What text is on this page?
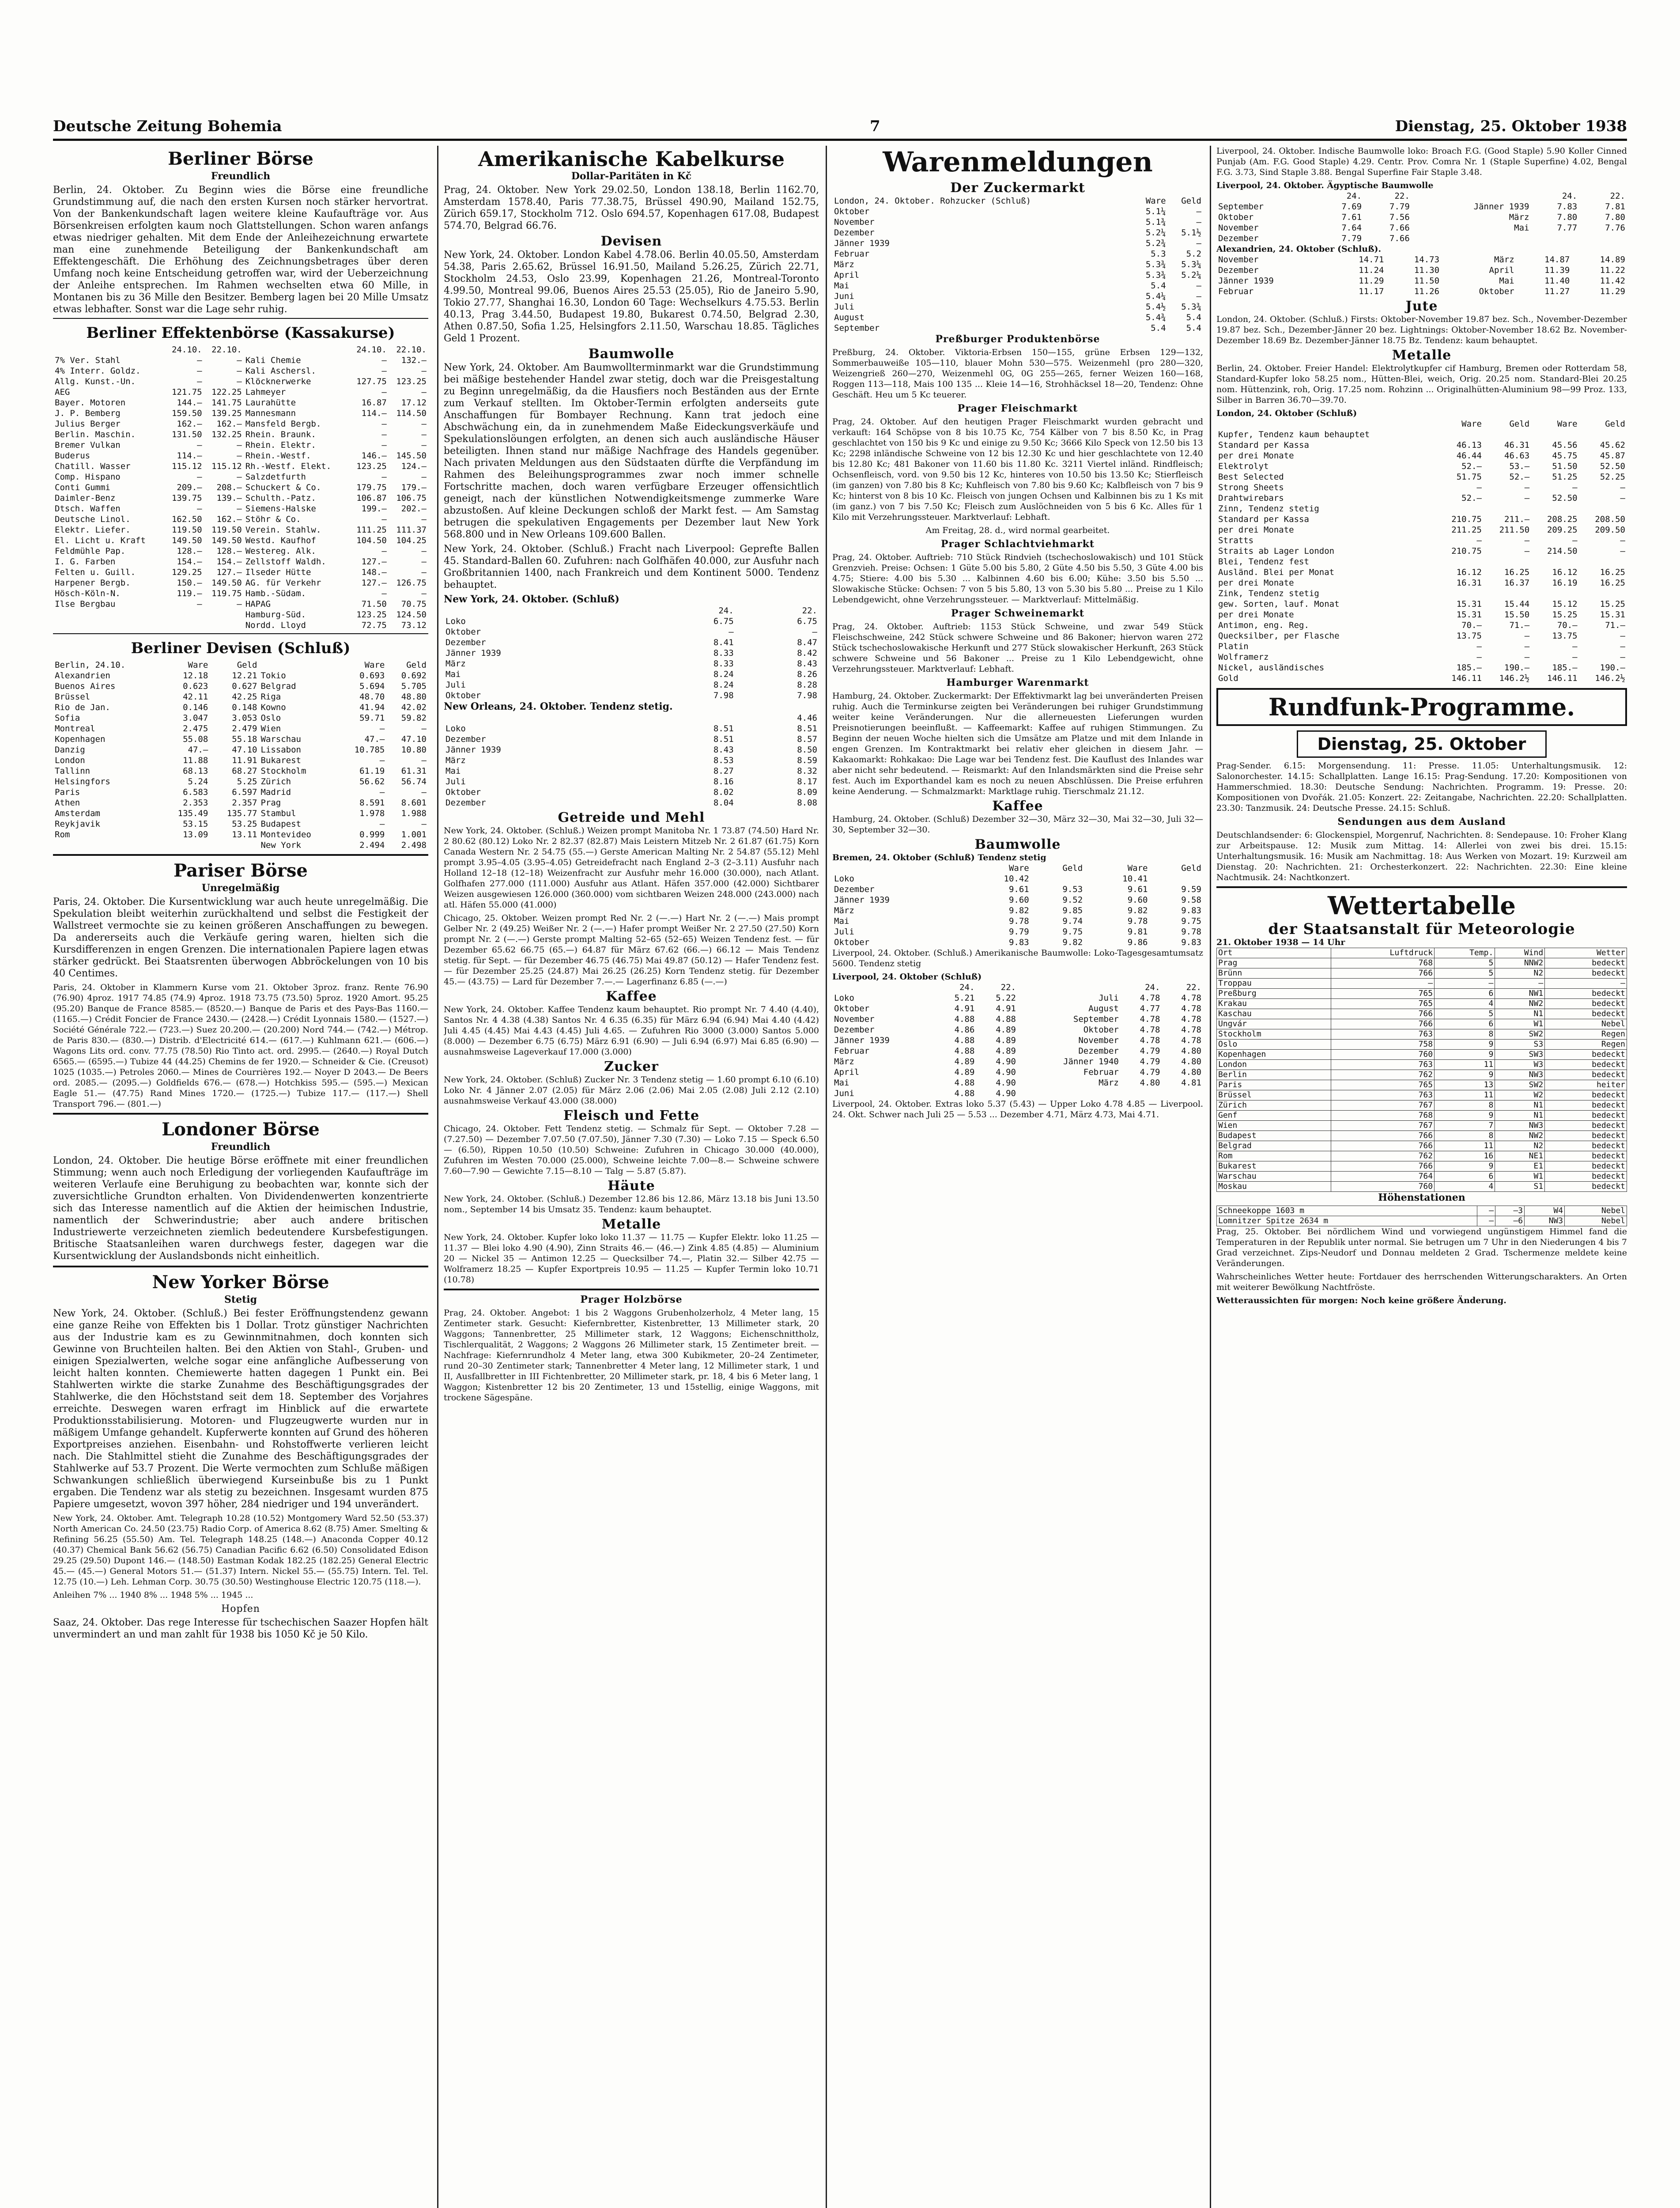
Deutsche Zeitung Bohemia	7	Dienstag, 25. Oktober 1938
Berliner Börse
Freundlich

Berlin, 24. Oktober. Zu Beginn wies die Börse eine freundliche Grundstimmung auf, die nach den ersten Kursen noch stärker hervortrat. Von der Bankenkundschaft lagen weitere kleine Kaufaufträge vor. Aus Börsenkreisen erfolgten kaum noch Glattstellungen. Schon waren anfangs etwas niedriger gehalten. Mit dem Ende der Anleihezeichnung erwartete man eine zunehmende Beteiligung der Bankenkundschaft am Effektengeschäft. Die Erhöhung des Zeichnungsbetrages über deren Umfang noch keine Entscheidung getroffen war, wird der Ueberzeichnung der Anleihe entsprechen. Im Rahmen wechselten etwa 60 Mille, in Montanen bis zu 36 Mille den Besitzer. Bemberg lagen bei 20 Mille Umsatz etwas lebhafter. Sonst war die Lage sehr ruhig.

Berliner Effektenbörse (Kassakurse)
	24.10.	22.10.		24.10.	22.10.
7% Ver. Stahl	—	—	Kali Chemie	—	132.—
4% Interr. Goldz.	—	—	Kali Aschersl.	—	—
Allg. Kunst.-Un.	—	—	Klöcknerwerke	127.75	123.25
AEG	121.75	122.25	Lahmeyer	—	—
Bayer. Motoren	144.—	141.75	Laurahütte	16.87	17.12
J. P. Bemberg	159.50	139.25	Mannesmann	114.—	114.50
Julius Berger	162.—	162.—	Mansfeld Bergb.	—	—
Berlin. Maschin.	131.50	132.25	Rhein. Braunk.	—	—
Bremer Vulkan	—	—	Rhein. Elektr.	—	—
Buderus	114.—	—	Rhein.-Westf.	146.—	145.50
Chatill. Wasser	115.12	115.12	Rh.-Westf. Elekt.	123.25	124.—
Comp. Hispano	—	—	Salzdetfurth	—	—
Conti Gummi	209.—	208.—	Schuckert & Co.	179.75	179.—
Daimler-Benz	139.75	139.—	Schulth.-Patz.	106.87	106.75
Dtsch. Waffen	—	—	Siemens-Halske	199.—	202.—
Deutsche Linol.	162.50	162.—	Stöhr & Co.	—	—
Elektr. Liefer.	119.50	119.50	Verein. Stahlw.	111.25	111.37
El. Licht u. Kraft	149.50	149.50	Westd. Kaufhof	104.50	104.25
Feldmühle Pap.	128.—	128.—	Westereg. Alk.	—	—
I. G. Farben	154.—	154.—	Zellstoff Waldh.	127.—	—
Felten u. Guill.	129.25	127.—	Ilseder Hütte	148.—	—
Harpener Bergb.	150.—	149.50	AG. für Verkehr	127.—	126.75
Hösch-Köln-N.	119.—	119.75	Hamb.-Südam.	—	—
Ilse Bergbau	—	—	HAPAG	71.50	70.75
			Hamburg-Süd.	123.25	124.50
			Nordd. Lloyd	72.75	73.12
Berliner Devisen (Schluß)
Berlin, 24.10.	Ware	Geld		Ware	Geld
Alexandrien	12.18	12.21	Tokio	0.693	0.692
Buenos Aires	0.623	0.627	Belgrad	5.694	5.705
Brüssel	42.11	42.25	Riga	48.70	48.80
Rio de Jan.	0.146	0.148	Kowno	41.94	42.02
Sofia	3.047	3.053	Oslo	59.71	59.82
Montreal	2.475	2.479	Wien	—	—
Kopenhagen	55.08	55.18	Warschau	47.—	47.10
Danzig	47.—	47.10	Lissabon	10.785	10.80
London	11.88	11.91	Bukarest	—	—
Tallinn	68.13	68.27	Stockholm	61.19	61.31
Helsingfors	5.24	5.25	Zürich	56.62	56.74
Paris	6.583	6.597	Madrid	—	—
Athen	2.353	2.357	Prag	8.591	8.601
Amsterdam	135.49	135.77	Stambul	1.978	1.988
Reykjavik	53.15	53.25	Budapest	—	—
Rom	13.09	13.11	Montevideo	0.999	1.001
			New York	2.494	2.498
Pariser Börse
Unregelmäßig

Paris, 24. Oktober. Die Kursentwicklung war auch heute unregelmäßig. Die Spekulation bleibt weiterhin zurückhaltend und selbst die Festigkeit der Wallstreet vermochte sie zu keinen größeren Anschaffungen zu bewegen. Da andererseits auch die Verkäufe gering waren, hielten sich die Kursdifferenzen in engen Grenzen. Die internationalen Papiere lagen etwas stärker gedrückt. Bei Staatsrenten überwogen Abbröckelungen von 10 bis 40 Centimes.

Paris, 24. Oktober in Klammern Kurse vom 21. Oktober 3proz. franz. Rente 76.90 (76.90) 4proz. 1917 74.85 (74.9) 4proz. 1918 73.75 (73.50) 5proz. 1920 Amort. 95.25 (95.20) Banque de France 8585.— (8520.—) Banque de Paris et des Pays-Bas 1160.— (1165.—) Crédit Foncier de France 2430.— (2428.—) Crédit Lyonnais 1580.— (1527.—) Société Générale 722.— (723.—) Suez 20.200.— (20.200) Nord 744.— (742.—) Métrop. de Paris 830.— (830.—) Distrib. d'Electricité 614.— (617.—) Kuhlmann 621.— (606.—) Wagons Lits ord. conv. 77.75 (78.50) Rio Tinto act. ord. 2995.— (2640.—) Royal Dutch 6565.— (6595.—) Tubize 44 (44.25) Chemins de fer 1920.— Schneider & Cie. (Creusot) 1025 (1035.—) Petroles 2060.— Mines de Courrières 192.— Noyer D 2043.— De Beers ord. 2085.— (2095.—) Goldfields 676.— (678.—) Hotchkiss 595.— (595.—) Mexican Eagle 51.— (47.75) Rand Mines 1720.— (1725.—) Tubize 117.— (117.—) Shell Transport 796.— (801.—)

Londoner Börse
Freundlich

London, 24. Oktober. Die heutige Börse eröffnete mit einer freundlichen Stimmung; wenn auch noch Erledigung der vorliegenden Kaufaufträge im weiteren Verlaufe eine Beruhigung zu beobachten war, konnte sich der zuversichtliche Grundton erhalten. Von Dividendenwerten konzentrierte sich das Interesse namentlich auf die Aktien der heimischen Industrie, namentlich der Schwerindustrie; aber auch andere britischen Industriewerte verzeichneten ziemlich bedeutendere Kursbefestigungen. Britische Staatsanleihen waren durchwegs fester, dagegen war die Kursentwicklung der Auslandsbonds nicht einheitlich.

New Yorker Börse
Stetig

New York, 24. Oktober. (Schluß.) Bei fester Eröffnungstendenz gewann eine ganze Reihe von Effekten bis 1 Dollar. Trotz günstiger Nachrichten aus der Industrie kam es zu Gewinnmitnahmen, doch konnten sich Gewinne von Bruchteilen halten. Bei den Aktien von Stahl-, Gruben- und einigen Spezialwerten, welche sogar eine anfängliche Aufbesserung von leicht halten konnten. Chemiewerte hatten dagegen 1 Punkt ein. Bei Stahlwerten wirkte die starke Zunahme des Beschäftigungsgrades der Stahlwerke, die den Höchststand seit dem 18. September des Vorjahres erreichte. Deswegen waren erfragt im Hinblick auf die erwartete Produktionsstabilisierung. Motoren- und Flugzeugwerte wurden nur in mäßigem Umfange gehandelt. Kupferwerte konnten auf Grund des höheren Exportpreises anziehen. Eisenbahn- und Rohstoffwerte verlieren leicht nach. Die Stahlmittel stieht die Zunahme des Beschäftigungsgrades der Stahlwerke auf 53.7 Prozent. Die Werte vermochten zum Schluße mäßigen Schwankungen schließlich überwiegend Kurseinbuße bis zu 1 Punkt ergaben. Die Tendenz war als stetig zu bezeichnen. Insgesamt wurden 875 Papiere umgesetzt, wovon 397 höher, 284 niedriger und 194 unverändert.

New York, 24. Oktober. Amt. Telegraph 10.28 (10.52) Montgomery Ward 52.50 (53.37) North American Co. 24.50 (23.75) Radio Corp. of America 8.62 (8.75) Amer. Smelting & Refining 56.25 (55.50) Am. Tel. Telegraph 148.25 (148.—) Anaconda Copper 40.12 (40.37) Chemical Bank 56.62 (56.75) Canadian Pacific 6.62 (6.50) Consolidated Edison 29.25 (29.50) Dupont 146.— (148.50) Eastman Kodak 182.25 (182.25) General Electric 45.— (45.—) General Motors 51.— (51.37) Intern. Nickel 55.— (55.75) Intern. Tel. Tel. 12.75 (10.—) Leh. Lehman Corp. 30.75 (30.50) Westinghouse Electric 120.75 (118.—).

Anleihen 7% ... 1940 8% ... 1948 5% ... 1945 ...

Hopfen

Saaz, 24. Oktober. Das rege Interesse für tschechischen Saazer Hopfen hält unvermindert an und man zahlt für 1938 bis 1050 Kč je 50 Kilo.

Amerikanische Kabelkurse
Dollar-Paritäten in Kč

Prag, 24. Oktober. New York 29.02.50, London 138.18, Berlin 1162.70, Amsterdam 1578.40, Paris 77.38.75, Brüssel 490.90, Mailand 152.75, Zürich 659.17, Stockholm 712. Oslo 694.57, Kopenhagen 617.08, Budapest 574.70, Belgrad 66.76.

Devisen

New York, 24. Oktober. London Kabel 4.78.06. Berlin 40.05.50, Amsterdam 54.38, Paris 2.65.62, Brüssel 16.91.50, Mailand 5.26.25, Zürich 22.71, Stockholm 24.53, Oslo 23.99, Kopenhagen 21.26, Montreal-Toronto 4.99.50, Montreal 99.06, Buenos Aires 25.53 (25.05), Rio de Janeiro 5.90, Tokio 27.77, Shanghai 16.30, London 60 Tage: Wechselkurs 4.75.53. Berlin 40.13, Prag 3.44.50, Budapest 19.80, Bukarest 0.74.50, Belgrad 2.30, Athen 0.87.50, Sofia 1.25, Helsingfors 2.11.50, Warschau 18.85. Tägliches Geld 1 Prozent.

Baumwolle

New York, 24. Oktober. Am Baumwollterminmarkt war die Grundstimmung bei mäßige bestehender Handel zwar stetig, doch war die Preisgestaltung zu Beginn unregelmäßig, da die Hausfiers noch Beständen aus der Ernte zum Verkauf stellten. Im Oktober-Termin erfolgten anderseits gute Anschaffungen für Bombayer Rechnung. Kann trat jedoch eine Abschwächung ein, da in zunehmendem Maße Eideckungsverkäufe und Spekulationslöungen erfolgten, an denen sich auch ausländische Häuser beteiligten. Ihnen stand nur mäßige Nachfrage des Handels gegenüber. Nach privaten Meldungen aus den Südstaaten dürfte die Verpfändung im Rahmen des Beleihungsprogrammes zwar noch immer schnelle Fortschritte machen, doch waren verfügbare Erzeuger offensichtlich geneigt, nach der künstlichen Notwendigkeitsmenge zummerke Ware abzustoßen. Auf kleine Deckungen schloß der Markt fest. — Am Samstag betrugen die spekulativen Engagements per Dezember laut New York 568.800 und in New Orleans 109.600 Ballen.

New York, 24. Oktober. (Schluß.) Fracht nach Liverpool: Geprefte Ballen 45. Standard-Ballen 60. Zufuhren: nach Golfhäfen 40.000, zur Ausfuhr nach Großbritannien 1400, nach Frankreich und dem Kontinent 5000. Tendenz behauptet.

New York, 24. Oktober. (Schluß)
	24.	22.
Loko	6.75	6.75
Oktober	—	—
Dezember	8.41	8.47
Jänner 1939	8.33	8.42
März	8.33	8.43
Mai	8.24	8.26
Juli	8.24	8.28
Oktober	7.98	7.98
New Orleans, 24. Oktober. Tendenz stetig.
		4.46
Loko	8.51	8.51
Dezember	8.51	8.57
Jänner 1939	8.43	8.50
März	8.53	8.59
Mai	8.27	8.32
Juli	8.16	8.17
Oktober	8.02	8.09
Dezember	8.04	8.08
Getreide und Mehl

New York, 24. Oktober. (Schluß.) Weizen prompt Manitoba Nr. 1 73.87 (74.50) Hard Nr. 2 80.62 (80.12) Loko Nr. 2 82.37 (82.87) Mais Leistern Mitzeb Nr. 2 61.87 (61.75) Korn Canada Western Nr. 2 54.75 (55.—) Gerste American Malting Nr. 2 54.87 (55.12) Mehl prompt 3.95–4.05 (3.95–4.05) Getreidefracht nach England 2–3 (2–3.11) Ausfuhr nach Holland 12–18 (12–18) Weizenfracht zur Ausfuhr mehr 16.000 (30.000), nach Atlant. Golfhafen 277.000 (111.000) Ausfuhr aus Atlant. Häfen 357.000 (42.000) Sichtbarer Weizen ausgewiesen 126.000 (360.000) vom sichtbaren Weizen 248.000 (243.000) nach atl. Häfen 55.000 (41.000)

Chicago, 25. Oktober. Weizen prompt Red Nr. 2 (—.—) Hart Nr. 2 (—.—) Mais prompt Gelber Nr. 2 (49.25) Weißer Nr. 2 (—.—) Hafer prompt Weißer Nr. 2 27.50 (27.50) Korn prompt Nr. 2 (—.—) Gerste prompt Malting 52–65 (52–65) Weizen Tendenz fest. — für Dezember 65.62 66.75 (65.—) 64.87 für März 67.62 (66.—) 66.12 — Mais Tendenz stetig. für Sept. — für Dezember 46.75 (46.75) Mai 49.87 (50.12) — Hafer Tendenz fest. — für Dezember 25.25 (24.87) Mai 26.25 (26.25) Korn Tendenz stetig. für Dezember 45.— (43.75) — Lard für Dezember 7.—.— Lagerfinanz 6.85 (—.—)

Kaffee

New York, 24. Oktober. Kaffee Tendenz kaum behauptet. Rio prompt Nr. 7 4.40 (4.40), Santos Nr. 4 4.38 (4.38) Santos Nr. 4 6.35 (6.35) für März 6.94 (6.94) Mai 4.40 (4.42) Juli 4.45 (4.45) Mai 4.43 (4.45) Juli 4.65. — Zufuhren Rio 3000 (3.000) Santos 5.000 (8.000) — Dezember 6.75 (6.75) März 6.91 (6.90) — Juli 6.94 (6.97) Mai 6.85 (6.90) — ausnahmsweise Lageverkauf 17.000 (3.000)

Zucker

New York, 24. Oktober. (Schluß) Zucker Nr. 3 Tendenz stetig — 1.60 prompt 6.10 (6.10) Loko Nr. 4 Jänner 2.07 (2.05) für März 2.06 (2.06) Mai 2.05 (2.08) Juli 2.12 (2.10) ausnahmsweise Verkauf 43.000 (38.000)

Fleisch und Fette

Chicago, 24. Oktober. Fett Tendenz stetig. — Schmalz für Sept. — Oktober 7.28 — (7.27.50) — Dezember 7.07.50 (7.07.50), Jänner 7.30 (7.30) — Loko 7.15 — Speck 6.50 — (6.50), Rippen 10.50 (10.50) Schweine: Zufuhren in Chicago 30.000 (40.000), Zufuhren im Westen 70.000 (25.000), Schweine leichte 7.00—8.— Schweine schwere 7.60—7.90 — Gewichte 7.15—8.10 — Talg — 5.87 (5.87).

Häute

New York, 24. Oktober. (Schluß.) Dezember 12.86 bis 12.86, März 13.18 bis Juni 13.50 nom., September 14 bis Umsatz 35. Tendenz: kaum behauptet.

Metalle

New York, 24. Oktober. Kupfer loko loko 11.37 — 11.75 — Kupfer Elektr. loko 11.25 — 11.37 — Blei loko 4.90 (4.90), Zinn Straits 46.— (46.—) Zink 4.85 (4.85) — Aluminium 20 — Nickel 35 — Antimon 12.25 — Quecksilber 74.—, Platin 32.— Silber 42.75 — Wolframerz 18.25 — Kupfer Exportpreis 10.95 — 11.25 — Kupfer Termin loko 10.71 (10.78)

Prager Holzbörse

Prag, 24. Oktober. Angebot: 1 bis 2 Waggons Grubenholzerholz, 4 Meter lang, 15 Zentimeter stark. Gesucht: Kiefernbretter, Kistenbretter, 13 Millimeter stark, 20 Waggons; Tannenbretter, 25 Millimeter stark, 12 Waggons; Eichenschnittholz, Tischlerqualität, 2 Waggons; 2 Waggons 26 Millimeter stark, 15 Zentimeter breit. — Nachfrage: Kiefernrundholz 4 Meter lang, etwa 300 Kubikmeter, 20–24 Zentimeter, rund 20–30 Zentimeter stark; Tannenbretter 4 Meter lang, 12 Millimeter stark, 1 und II, Ausfallbretter in III Fichtenbretter, 20 Millimeter stark, pr. 18, 4 bis 6 Meter lang, 1 Waggon; Kistenbretter 12 bis 20 Zentimeter, 13 und 15stellig, einige Waggons, mit trockene Sägespäne.

Warenmeldungen
Der Zuckermarkt
London, 24. Oktober. Rohzucker (Schluß)	Ware	Geld
Oktober	5.1¼	—
November	5.1¾	—
Dezember	5.2¼	5.1½
Jänner 1939	5.2¾	—
Februar	5.3	5.2
März	5.3¾	5.3¼
April	5.3¾	5.2¼
Mai	5.4	—
Juni	5.4¼	—
Juli	5.4½	5.3¾
August	5.4¾	5.4
September	5.4	5.4
Preßburger Produktenbörse

Preßburg, 24. Oktober. Viktoria-Erbsen 150—155, grüne Erbsen 129—132, Sommerbauweiße 105—110, blauer Mohn 530—575. Weizenmehl (pro 280—320, Weizengrieß 260—270, Weizenmehl 0G, 0G 255—265, ferner Weizen 160—168, Roggen 113—118, Mais 100 135 ... Kleie 14—16, Strohhäcksel 18—20, Tendenz: Ohne Geschäft. Heu um 5 Kc teuerer.

Prager Fleischmarkt

Prag, 24. Oktober. Auf den heutigen Prager Fleischmarkt wurden gebracht und verkauft: 164 Schöpse von 8 bis 10.75 Kc, 754 Kälber von 7 bis 8.50 Kc, in Prag geschlachtet von 150 bis 9 Kc und einige zu 9.50 Kc; 3666 Kilo Speck von 12.50 bis 13 Kc; 2298 inländische Schweine von 12 bis 12.30 Kc und hier geschlachtete von 12.40 bis 12.80 Kc; 481 Bakoner von 11.60 bis 11.80 Kc. 3211 Viertel inländ. Rindfleisch; Ochsenfleisch, vord. von 9.50 bis 12 Kc, hinteres von 10.50 bis 13.50 Kc; Stierfleisch (im ganzen) von 7.80 bis 8 Kc; Kuhfleisch von 7.80 bis 9.60 Kc; Kalbfleisch von 7 bis 9 Kc; hinterst von 8 bis 10 Kc. Fleisch von jungen Ochsen und Kalbinnen bis zu 1 Ks mit (im ganz.) von 7 bis 7.50 Kc; Fleisch zum Auslöchneiden von 5 bis 6 Kc. Alles für 1 Kilo mit Verzehrungssteuer. Marktverlauf: Lebhaft.

Am Freitag, 28. d., wird normal gearbeitet.

Prager Schlachtviehmarkt

Prag, 24. Oktober. Auftrieb: 710 Stück Rindvieh (tschechoslowakisch) und 101 Stück Grenzvieh. Preise: Ochsen: 1 Güte 5.00 bis 5.80, 2 Güte 4.50 bis 5.50, 3 Güte 4.00 bis 4.75; Stiere: 4.00 bis 5.30 ... Kalbinnen 4.60 bis 6.00; Kühe: 3.50 bis 5.50 ... Slowakische Stücke: Ochsen: 7 von 5 bis 5.80, 13 von 5.30 bis 5.80 ... Preise zu 1 Kilo Lebendgewicht, ohne Verzehrungssteuer. — Marktverlauf: Mittelmäßig.

Prager Schweinemarkt

Prag, 24. Oktober. Auftrieb: 1153 Stück Schweine, und zwar 549 Stück Fleischschweine, 242 Stück schwere Schweine und 86 Bakoner; hiervon waren 272 Stück tschechoslowakische Herkunft und 277 Stück slowakischer Herkunft, 263 Stück schwere Schweine und 56 Bakoner ... Preise zu 1 Kilo Lebendgewicht, ohne Verzehrungssteuer. Marktverlauf: Lebhaft.

Hamburger Warenmarkt

Hamburg, 24. Oktober. Zuckermarkt: Der Effektivmarkt lag bei unveränderten Preisen ruhig. Auch die Terminkurse zeigten bei Veränderungen bei ruhiger Grundstimmung weiter keine Veränderungen. Nur die allerneuesten Lieferungen wurden Preisnotierungen beeinflußt. — Kaffeemarkt: Kaffee auf ruhigen Stimmungen. Zu Beginn der neuen Woche hielten sich die Umsätze am Platze und mit dem Inlande in engen Grenzen. Im Kontraktmarkt bei relativ eher gleichen in diesem Jahr. — Kakaomarkt: Rohkakao: Die Lage war bei Tendenz fest. Die Kauflust des Inlandes war aber nicht sehr bedeutend. — Reismarkt: Auf den Inlandsmärkten sind die Preise sehr fest. Auch im Exporthandel kam es noch zu neuen Abschlüssen. Die Preise erfuhren keine Aenderung. — Schmalzmarkt: Marktlage ruhig. Tierschmalz 21.12.

Kaffee

Hamburg, 24. Oktober. (Schluß) Dezember 32—30, März 32—30, Mai 32—30, Juli 32—30, September 32—30.

Baumwolle
Bremen, 24. Oktober (Schluß) Tendenz stetig
	Ware	Geld	Ware	Geld
Loko	10.42		10.41	
Dezember	9.61	9.53	9.61	9.59
Jänner 1939	9.60	9.52	9.60	9.58
März	9.82	9.85	9.82	9.83
Mai	9.78	9.74	9.78	9.75
Juli	9.79	9.75	9.81	9.78
Oktober	9.83	9.82	9.86	9.83

Liverpool, 24. Oktober. (Schluß.) Amerikanische Baumwolle: Loko-Tagesgesamtumsatz 5600. Tendenz stetig

Liverpool, 24. Oktober (Schluß)
	24.	22.		24.	22.
Loko	5.21	5.22	Juli	4.78	4.78
Oktober	4.91	4.91	August	4.77	4.78
November	4.88	4.88	September	4.78	4.78
Dezember	4.86	4.89	Oktober	4.78	4.78
Jänner 1939	4.88	4.89	November	4.78	4.78
Februar	4.88	4.89	Dezember	4.79	4.80
März	4.89	4.90	Jänner 1940	4.79	4.80
April	4.89	4.90	Februar	4.79	4.80
Mai	4.88	4.90	März	4.80	4.81
Juni	4.88	4.90			

Liverpool, 24. Oktober. Extras loko 5.37 (5.43) — Upper Loko 4.78 4.85 — Liverpool. 24. Okt. Schwer nach Juli 25 — 5.53 ... Dezember 4.71, März 4.73, Mai 4.71.

Liverpool, 24. Oktober. Indische Baumwolle loko: Broach F.G. (Good Staple) 5.90 Koller Cinned Punjab (Am. F.G. Good Staple) 4.29. Centr. Prov. Comra Nr. 1 (Staple Superfine) 4.02, Bengal F.G. 3.73, Sind Staple 3.88. Bengal Superfine Fair Staple 3.48.

Liverpool, 24. Oktober. Ägyptische Baumwolle
	24.	22.		24.	22.
September	7.69	7.79	Jänner 1939	7.83	7.81
Oktober	7.61	7.56	März	7.80	7.80
November	7.64	7.66	Mai	7.77	7.76
Dezember	7.79	7.66			
Alexandrien, 24. Oktober (Schluß).
November	14.71	14.73	März	14.87	14.89
Dezember	11.24	11.30	April	11.39	11.22
Jänner 1939	11.29	11.50	Mai	11.40	11.42
Februar	11.17	11.26	Oktober	11.27	11.29
Jute

London, 24. Oktober. (Schluß.) Firsts: Oktober-November 19.87 bez. Sch., November-Dezember 19.87 bez. Sch., Dezember-Jänner 20 bez. Lightnings: Oktober-November 18.62 Bz. November-Dezember 18.69 Bz. Dezember-Jänner 18.75 Bz. Tendenz: kaum behauptet.

Metalle

Berlin, 24. Oktober. Freier Handel: Elektrolytkupfer cif Hamburg, Bremen oder Rotterdam 58, Standard-Kupfer loko 58.25 nom., Hütten-Blei, weich, Orig. 20.25 nom. Standard-Blei 20.25 nom. Hüttenzink, roh, Orig. 17.25 nom. Rohzinn ... Originalhütten-Aluminium 98—99 Proz. 133, Silber in Barren 36.70—39.70.

London, 24. Oktober (Schluß)
	Ware	Geld	Ware	Geld
Kupfer, Tendenz kaum behauptet				
Standard per Kassa	46.13	46.31	45.56	45.62
per drei Monate	46.44	46.63	45.75	45.87
Elektrolyt	52.—	53.—	51.50	52.50
Best Selected	51.75	52.—	51.25	52.25
Strong Sheets	—	—	—	—
Drahtwirebars	52.—	—	52.50	—
Zinn, Tendenz stetig				
Standard per Kassa	210.75	211.—	208.25	208.50
per drei Monate	211.25	211.50	209.25	209.50
Stratts	—	—	—	—
Straits ab Lager London	210.75	—	214.50	—
Blei, Tendenz fest				
Ausländ. Blei per Monat	16.12	16.25	16.12	16.25
per drei Monate	16.31	16.37	16.19	16.25
Zink, Tendenz stetig				
gew. Sorten, lauf. Monat	15.31	15.44	15.12	15.25
per drei Monate	15.31	15.50	15.25	15.31
Antimon, eng. Reg.	70.—	71.—	70.—	71.—
Quecksilber, per Flasche	13.75	—	13.75	—
Platin	—	—	—	—
Wolframerz	—	—	—	—
Nickel, ausländisches	185.—	190.—	185.—	190.—
Gold	146.11	146.2½	146.11	146.2½
Rundfunk-Programme.
Dienstag, 25. Oktober

Prag-Sender. 6.15: Morgensendung. 11: Presse. 11.05: Unterhaltungsmusik. 12: Salonorchester. 14.15: Schallplatten. Lange 16.15: Prag-Sendung. 17.20: Kompositionen von Hammerschmied. 18.30: Deutsche Sendung: Nachrichten. Programm. 19: Presse. 20: Kompositionen von Dvořák. 21.05: Konzert. 22: Zeitangabe, Nachrichten. 22.20: Schallplatten. 23.30: Tanzmusik. 24: Deutsche Presse. 24.15: Schluß.

Sendungen aus dem Ausland

Deutschlandsender: 6: Glockenspiel, Morgenruf, Nachrichten. 8: Sendepause. 10: Froher Klang zur Arbeitspause. 12: Musik zum Mittag. 14: Allerlei von zwei bis drei. 15.15: Unterhaltungsmusik. 16: Musik am Nachmittag. 18: Aus Werken von Mozart. 19: Kurzweil am Dienstag. 20: Nachrichten. 21: Orchesterkonzert. 22: Nachrichten. 22.30: Eine kleine Nachtmusik. 24: Nachtkonzert.

Wettertabelle
der Staatsanstalt für Meteorologie
21. Oktober 1938 — 14 Uhr
Ort	Luftdruck	Temp.	Wind	Wetter
Prag	768	5	NNW2	bedeckt
Brünn	766	5	N2	bedeckt
Troppau	—	—	—	—
Preßburg	765	6	NW1	bedeckt
Krakau	765	4	NW2	bedeckt
Kaschau	766	5	N1	bedeckt
Ungvár	766	6	W1	Nebel
Stockholm	763	8	SW2	Regen
Oslo	758	9	S3	Regen
Kopenhagen	760	9	SW3	bedeckt
London	763	11	W3	bedeckt
Berlin	762	9	NW3	bedeckt
Paris	765	13	SW2	heiter
Brüssel	763	11	W2	bedeckt
Zürich	767	8	N1	bedeckt
Genf	768	9	N1	bedeckt
Wien	767	7	NW3	bedeckt
Budapest	766	8	NW2	bedeckt
Belgrad	766	11	N2	bedeckt
Rom	762	16	NE1	bedeckt
Bukarest	766	9	E1	bedeckt
Warschau	764	6	W1	bedeckt
Moskau	760	4	S1	bedeckt
Höhenstationen
Schneekoppe 1603 m	—	—3	W4	Nebel
Lomnitzer Spitze 2634 m	—	—6	NW3	Nebel

Prag, 25. Oktober. Bei nördlichem Wind und vorwiegend ungünstigem Himmel fand die Temperaturen in der Republik unter normal. Sie betrugen um 7 Uhr in den Niederungen 4 bis 7 Grad verzeichnet. Zips-Neudorf und Donnau meldeten 2 Grad. Tschermenze meldete keine Veränderungen.

Wahrscheinliches Wetter heute: Fortdauer des herrschenden Witterungscharakters. An Orten mit weiterer Bewölkung Nachtfröste.

Wetteraussichten für morgen: Noch keine größere Änderung.
